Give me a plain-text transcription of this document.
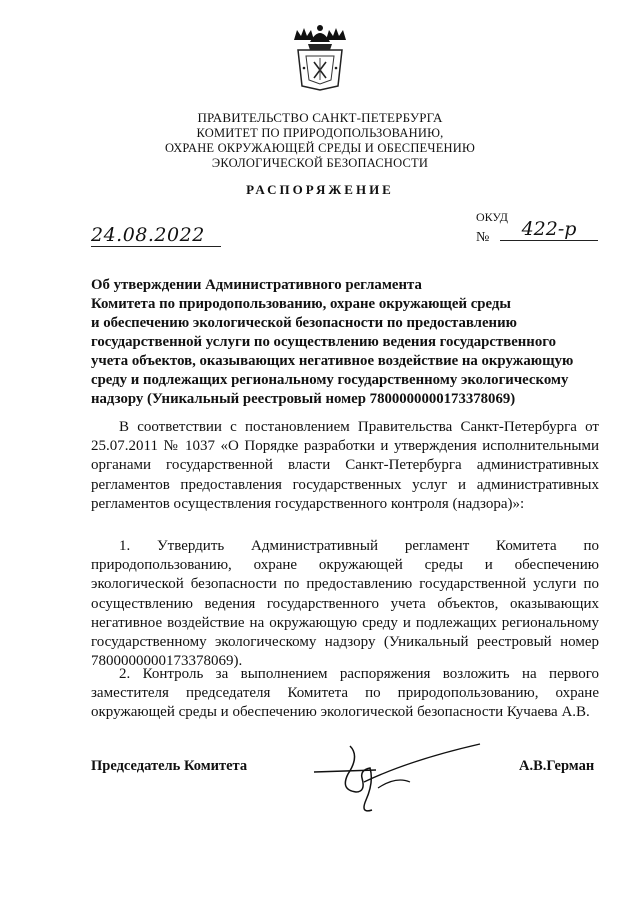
ПРАВИТЕЛЬСТВО САНКТ-ПЕТЕРБУРГА
КОМИТЕТ ПО ПРИРОДОПОЛЬЗОВАНИЮ,
ОХРАНЕ ОКРУЖАЮЩЕЙ СРЕДЫ И ОБЕСПЕЧЕНИЮ
ЭКОЛОГИЧЕСКОЙ БЕЗОПАСНОСТИ
РАСПОРЯЖЕНИЕ
24.08.2022
ОКУД
№	422-р
Об утверждении Административного регламента
Комитета по природопользованию, охране окружающей среды
и обеспечению экологической безопасности по предоставлению
государственной услуги по осуществлению ведения государственного
учета объектов, оказывающих негативное воздействие на окружающую
среду и подлежащих региональному государственному экологическому
надзору (Уникальный реестровый номер 7800000000173378069)
В соответствии с постановлением Правительства Санкт-Петербурга от 25.07.2011 № 1037 «О Порядке разработки и утверждения исполнительными органами государственной власти Санкт-Петербурга административных регламентов предоставления государственных услуг и административных регламентов осуществления государственного контроля (надзора)»:
1. Утвердить Административный регламент Комитета по природопользованию, охране окружающей среды и обеспечению экологической безопасности по предоставлению государственной услуги по осуществлению ведения государственного учета объектов, оказывающих негативное воздействие на окружающую среду и подлежащих региональному государственному экологическому надзору (Уникальный реестровый номер 7800000000173378069).
2. Контроль за выполнением распоряжения возложить на первого заместителя председателя Комитета по природопользованию, охране окружающей среды и обеспечению экологической безопасности Кучаева А.В.
Председатель Комитета	А.В.Герман
